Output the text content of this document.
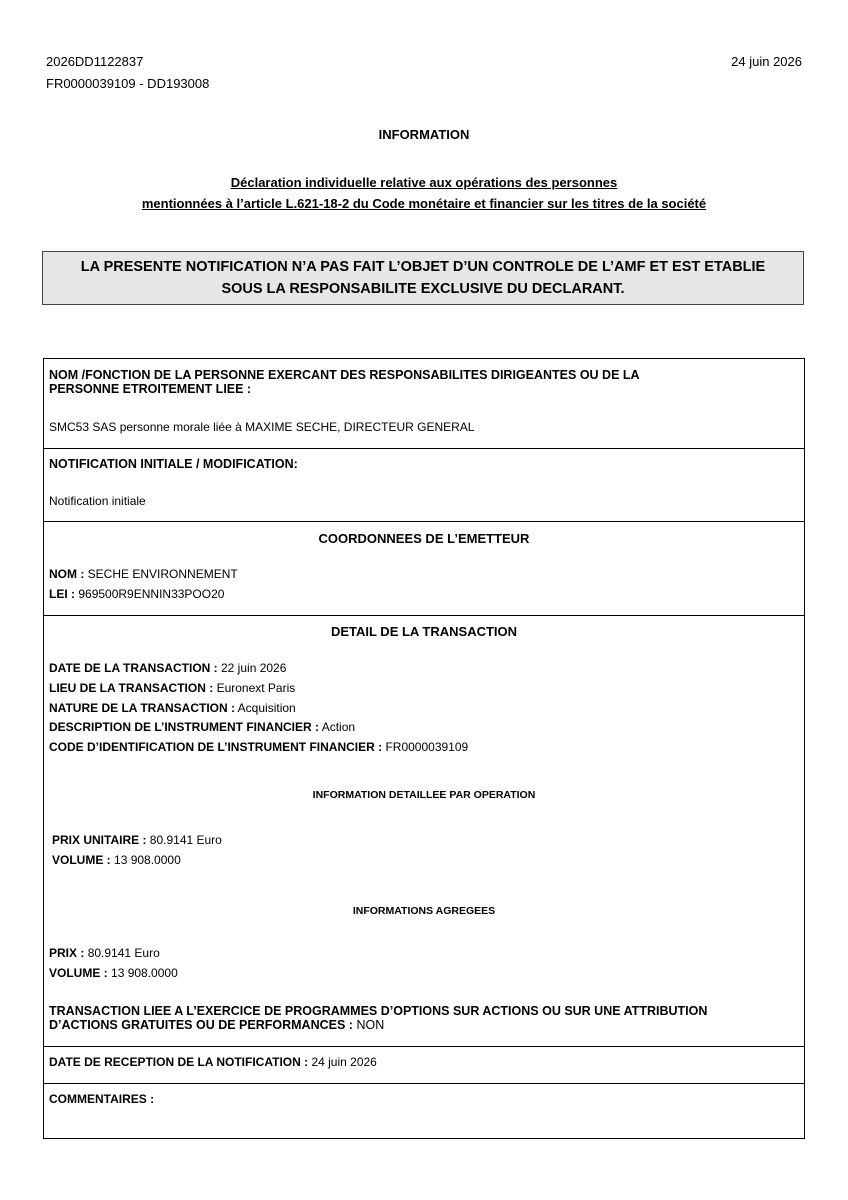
2026DD1122837
FR0000039109 - DD193008
24 juin 2026
INFORMATION
Déclaration individuelle relative aux opérations des personnes
mentionnées à l’article L.621-18-2 du Code monétaire et financier sur les titres de la société
LA PRESENTE NOTIFICATION N’A PAS FAIT L’OBJET D’UN CONTROLE DE L’AMF ET EST ETABLIE
SOUS LA RESPONSABILITE EXCLUSIVE DU DECLARANT.
NOM /FONCTION DE LA PERSONNE EXERCANT DES RESPONSABILITES DIRIGEANTES OU DE LA
PERSONNE ETROITEMENT LIEE :
SMC53 SAS personne morale liée à MAXIME SECHE, DIRECTEUR GENERAL
NOTIFICATION INITIALE / MODIFICATION:
Notification initiale
COORDONNEES DE L’EMETTEUR
NOM : SECHE ENVIRONNEMENT
LEI : 969500R9ENNIN33POO20
DETAIL DE LA TRANSACTION
DATE DE LA TRANSACTION : 22 juin 2026
LIEU DE LA TRANSACTION : Euronext Paris
NATURE DE LA TRANSACTION : Acquisition
DESCRIPTION DE L’INSTRUMENT FINANCIER : Action
CODE D’IDENTIFICATION DE L’INSTRUMENT FINANCIER : FR0000039109
INFORMATION DETAILLEE PAR OPERATION
PRIX UNITAIRE : 80.9141 Euro
VOLUME : 13 908.0000
INFORMATIONS AGREGEES
PRIX : 80.9141 Euro
VOLUME : 13 908.0000
TRANSACTION LIEE A L’EXERCICE DE PROGRAMMES D’OPTIONS SUR ACTIONS OU SUR UNE ATTRIBUTION
D’ACTIONS GRATUITES OU DE PERFORMANCES : NON
DATE DE RECEPTION DE LA NOTIFICATION : 24 juin 2026
COMMENTAIRES :
